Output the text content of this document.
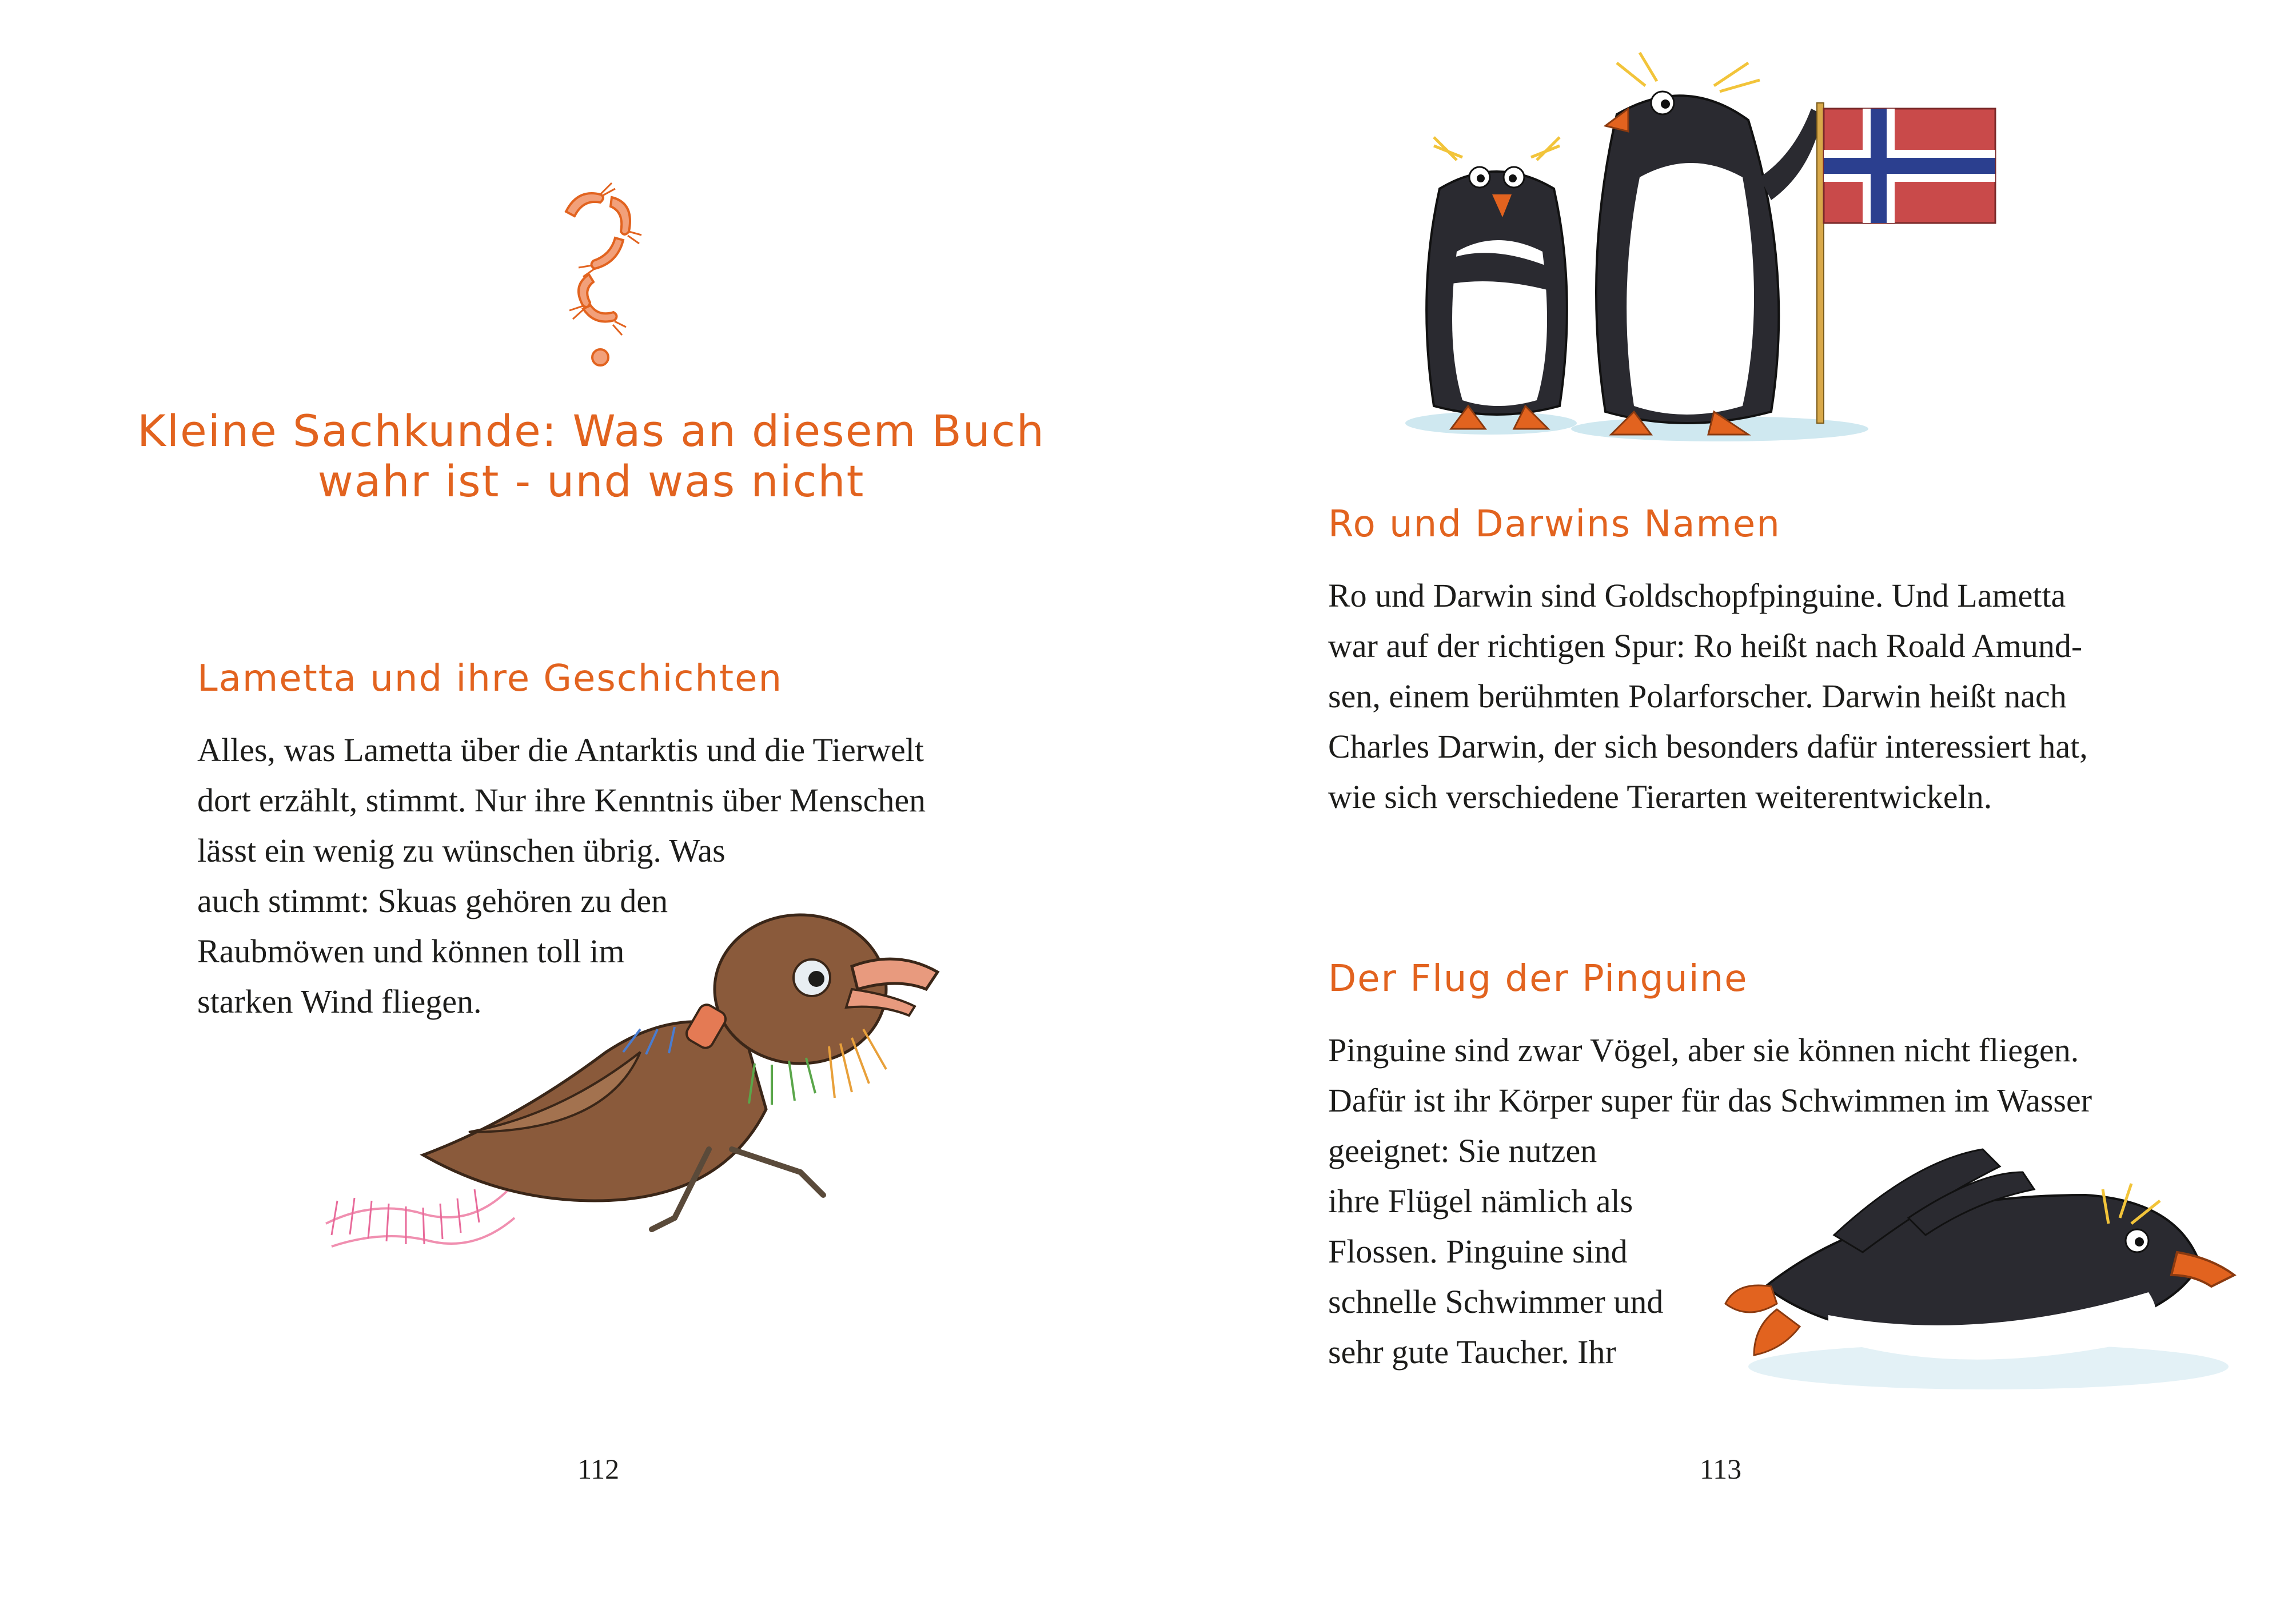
Kleine Sachkunde: Was an diesem Buch
wahr ist - und was nicht
Lametta und ihre Geschichten
Alles, was Lametta über die Antarktis und die Tierwelt
dort erzählt, stimmt. Nur ihre Kenntnis über Menschen
lässt ein wenig zu wünschen übrig. Was
auch stimmt: Skuas gehören zu den
Raubmöwen und können toll im
starken Wind fliegen.
112
Ro und Darwins Namen
Ro und Darwin sind Goldschopfpinguine. Und Lametta
war auf der richtigen Spur: Ro heißt nach Roald Amund-
sen, einem berühmten Polarforscher. Darwin heißt nach
Charles Darwin, der sich besonders dafür interessiert hat,
wie sich verschiedene Tierarten weiterentwickeln.
Der Flug der Pinguine
Pinguine sind zwar Vögel, aber sie können nicht fliegen.
Dafür ist ihr Körper super für das Schwimmen im Wasser
geeignet: Sie nutzen
ihre Flügel nämlich als
Flossen. Pinguine sind
schnelle Schwimmer und
sehr gute Taucher. Ihr
113
